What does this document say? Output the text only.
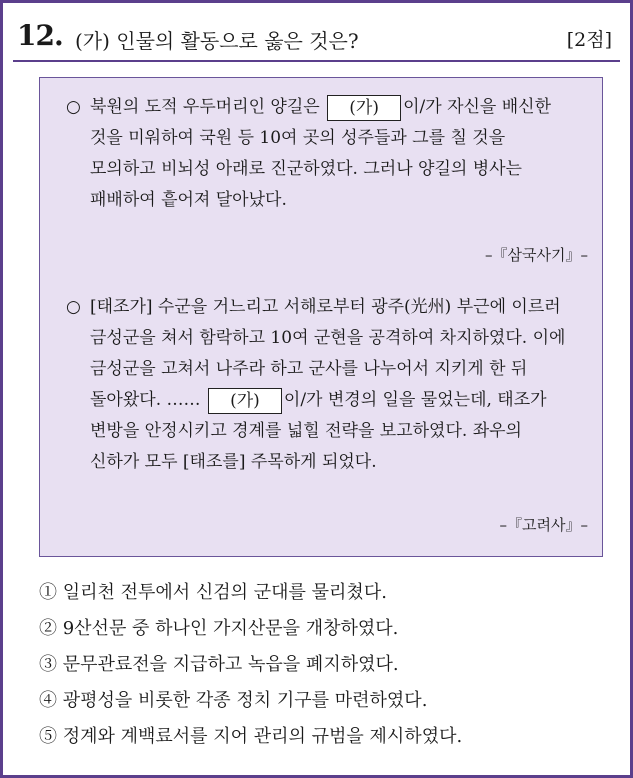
12. (가) 인물의 활동으로 옳은 것은?	[2점]
○ 북원의 도적 우두머리인 양길은 (가) 이/가 자신을 배신한
것을 미워하여 국원 등 10여 곳의 성주들과 그를 칠 것을
모의하고 비뇌성 아래로 진군하였다. 그러나 양길의 병사는
패배하여 흩어져 달아났다.
–『삼국사기』–
○ [태조가] 수군을 거느리고 서해로부터 광주(光州) 부근에 이르러
금성군을 쳐서 함락하고 10여 군현을 공격하여 차지하였다. 이에
금성군을 고쳐서 나주라 하고 군사를 나누어서 지키게 한 뒤
돌아왔다. …… (가) 이/가 변경의 일을 물었는데, 태조가
변방을 안정시키고 경계를 넓힐 전략을 보고하였다. 좌우의
신하가 모두 [태조를] 주목하게 되었다.
–『고려사』–
① 일리천 전투에서 신검의 군대를 물리쳤다.
② 9산선문 중 하나인 가지산문을 개창하였다.
③ 문무관료전을 지급하고 녹읍을 폐지하였다.
④ 광평성을 비롯한 각종 정치 기구를 마련하였다.
⑤ 정계와 계백료서를 지어 관리의 규범을 제시하였다.
